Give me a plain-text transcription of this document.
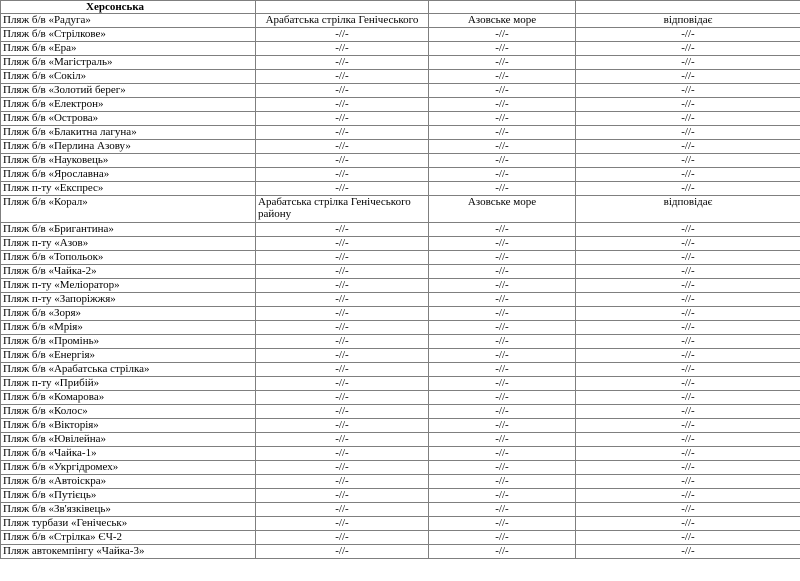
Херсонська			
Пляж б/в «Радуга»	Арабатська стрілка Генічеського	Азовське море	відповідає
Пляж б/в «Стрілкове»	-//-	-//-	-//-
Пляж б/в «Ера»	-//-	-//-	-//-
Пляж б/в «Магістраль»	-//-	-//-	-//-
Пляж б/в «Сокіл»	-//-	-//-	-//-
Пляж б/в «Золотий берег»	-//-	-//-	-//-
Пляж б/в «Електрон»	-//-	-//-	-//-
Пляж б/в «Острова»	-//-	-//-	-//-
Пляж б/в «Блакитна лагуна»	-//-	-//-	-//-
Пляж б/в «Перлина Азову»	-//-	-//-	-//-
Пляж б/в «Науковець»	-//-	-//-	-//-
Пляж б/в «Ярославна»	-//-	-//-	-//-
Пляж п-ту «Експрес»	-//-	-//-	-//-
Пляж б/в «Корал»	Арабатська стрілка Генічеського району	Азовське море	відповідає
Пляж б/в «Бригантина»	-//-	-//-	-//-
Пляж п-ту «Азов»	-//-	-//-	-//-
Пляж б/в «Топольок»	-//-	-//-	-//-
Пляж б/в «Чайка-2»	-//-	-//-	-//-
Пляж п-ту «Меліоратор»	-//-	-//-	-//-
Пляж п-ту «Запоріжжя»	-//-	-//-	-//-
Пляж б/в «Зоря»	-//-	-//-	-//-
Пляж б/в «Мрія»	-//-	-//-	-//-
Пляж б/в «Промінь»	-//-	-//-	-//-
Пляж б/в «Енергія»	-//-	-//-	-//-
Пляж б/в «Арабатська стрілка»	-//-	-//-	-//-
Пляж п-ту «Прибій»	-//-	-//-	-//-
Пляж б/в «Комарова»	-//-	-//-	-//-
Пляж б/в «Колос»	-//-	-//-	-//-
Пляж б/в «Вікторія»	-//-	-//-	-//-
Пляж б/в «Ювілейна»	-//-	-//-	-//-
Пляж б/в «Чайка-1»	-//-	-//-	-//-
Пляж б/в «Укргідромех»	-//-	-//-	-//-
Пляж б/в «Автоіскра»	-//-	-//-	-//-
Пляж б/в «Путієць»	-//-	-//-	-//-
Пляж б/в «Зв'язківець»	-//-	-//-	-//-
Пляж турбази «Генічеськ»	-//-	-//-	-//-
Пляж б/в «Стрілка» ЄЧ-2	-//-	-//-	-//-
Пляж автокемпінгу «Чайка-3»	-//-	-//-	-//-
